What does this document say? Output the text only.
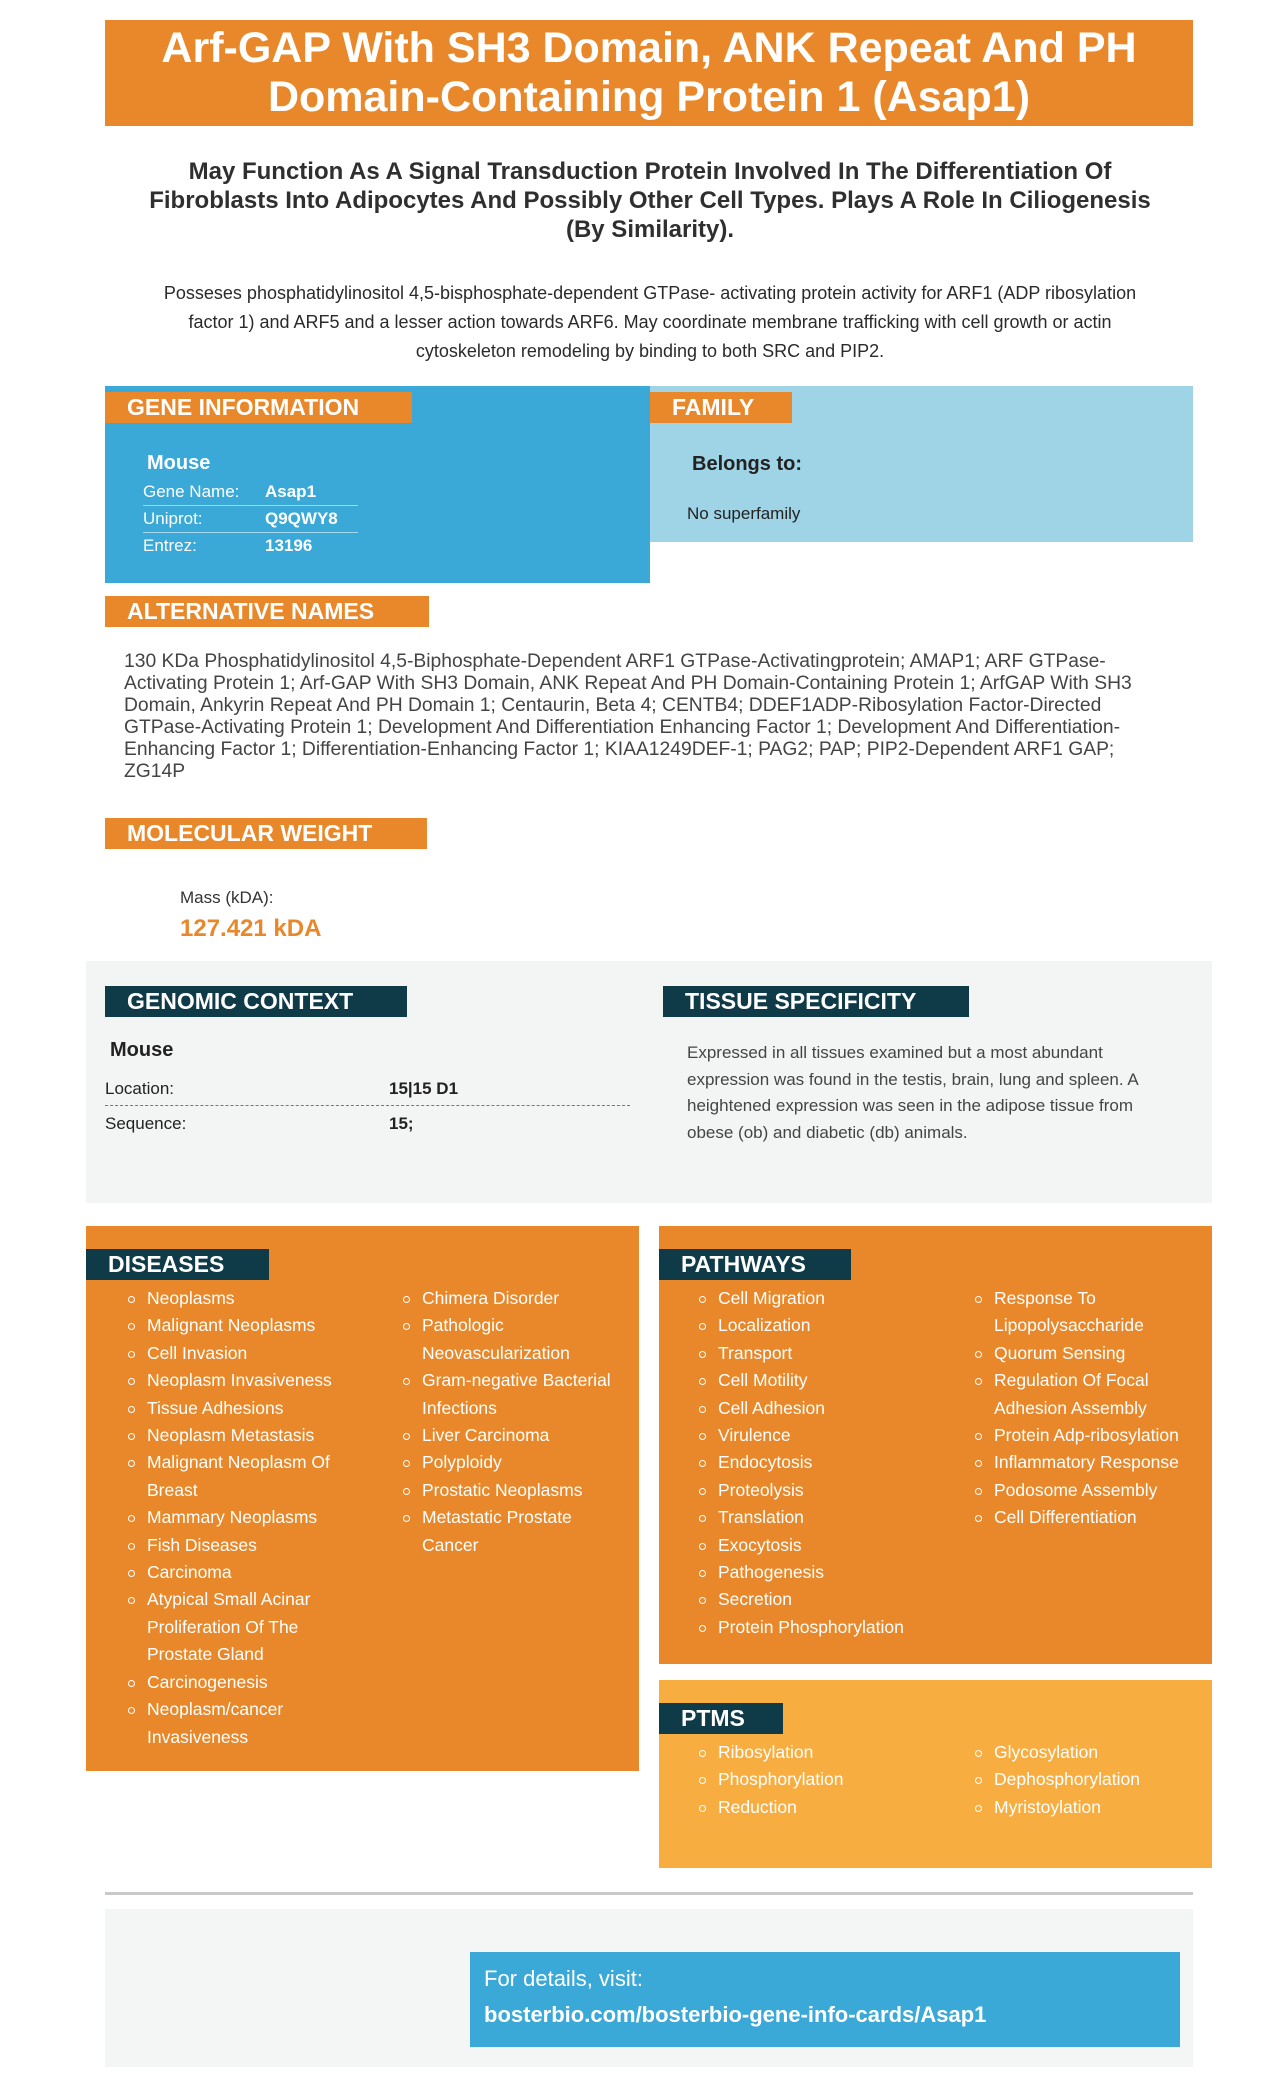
Arf-GAP With SH3 Domain, ANK Repeat And PH Domain-Containing Protein 1 (Asap1)
May Function As A Signal Transduction Protein Involved In The Differentiation Of Fibroblasts Into Adipocytes And Possibly Other Cell Types. Plays A Role In Ciliogenesis (By Similarity).
Posseses phosphatidylinositol 4,5-bisphosphate-dependent GTPase- activating protein activity for ARF1 (ADP ribosylation factor 1) and ARF5 and a lesser action towards ARF6. May coordinate membrane trafficking with cell growth or actin cytoskeleton remodeling by binding to both SRC and PIP2.
GENE INFORMATION
Mouse
Gene Name: Asap1
Uniprot:	Q9QWY8
Entrez:	13196
FAMILY
Belongs to:
No superfamily
ALTERNATIVE NAMES
130 KDa Phosphatidylinositol 4,5-Biphosphate-Dependent ARF1 GTPase-Activatingprotein; AMAP1; ARF GTPase-Activating Protein 1; Arf-GAP With SH3 Domain, ANK Repeat And PH Domain-Containing Protein 1; ArfGAP With SH3 Domain, Ankyrin Repeat And PH Domain 1; Centaurin, Beta 4; CENTB4; DDEF1ADP-Ribosylation Factor-Directed GTPase-Activating Protein 1; Development And Differentiation Enhancing Factor 1; Development And Differentiation-Enhancing Factor 1; Differentiation-Enhancing Factor 1; KIAA1249DEF-1; PAG2; PAP; PIP2-Dependent ARF1 GAP; ZG14P
MOLECULAR WEIGHT
Mass (kDA):
127.421 kDA
GENOMIC CONTEXT
Mouse
Location:	15|15 D1
Sequence:	15;
TISSUE SPECIFICITY
Expressed in all tissues examined but a most abundant expression was found in the testis, brain, lung and spleen. A heightened expression was seen in the adipose tissue from obese (ob) and diabetic (db) animals.
DISEASES
Neoplasms
Malignant Neoplasms
Cell Invasion
Neoplasm Invasiveness
Tissue Adhesions
Neoplasm Metastasis
Malignant Neoplasm Of Breast
Mammary Neoplasms
Fish Diseases
Carcinoma
Atypical Small Acinar Proliferation Of The Prostate Gland
Carcinogenesis
Neoplasm/cancer Invasiveness
Chimera Disorder
Pathologic Neovascularization
Gram-negative Bacterial Infections
Liver Carcinoma
Polyploidy
Prostatic Neoplasms
Metastatic Prostate Cancer
PATHWAYS
Cell Migration
Localization
Transport
Cell Motility
Cell Adhesion
Virulence
Endocytosis
Proteolysis
Translation
Exocytosis
Pathogenesis
Secretion
Protein Phosphorylation
Response To Lipopolysaccharide
Quorum Sensing
Regulation Of Focal Adhesion Assembly
Protein Adp-ribosylation
Inflammatory Response
Podosome Assembly
Cell Differentiation
PTMS
Ribosylation
Phosphorylation
Reduction
Glycosylation
Dephosphorylation
Myristoylation
For details, visit:
bosterbio.com/bosterbio-gene-info-cards/Asap1
